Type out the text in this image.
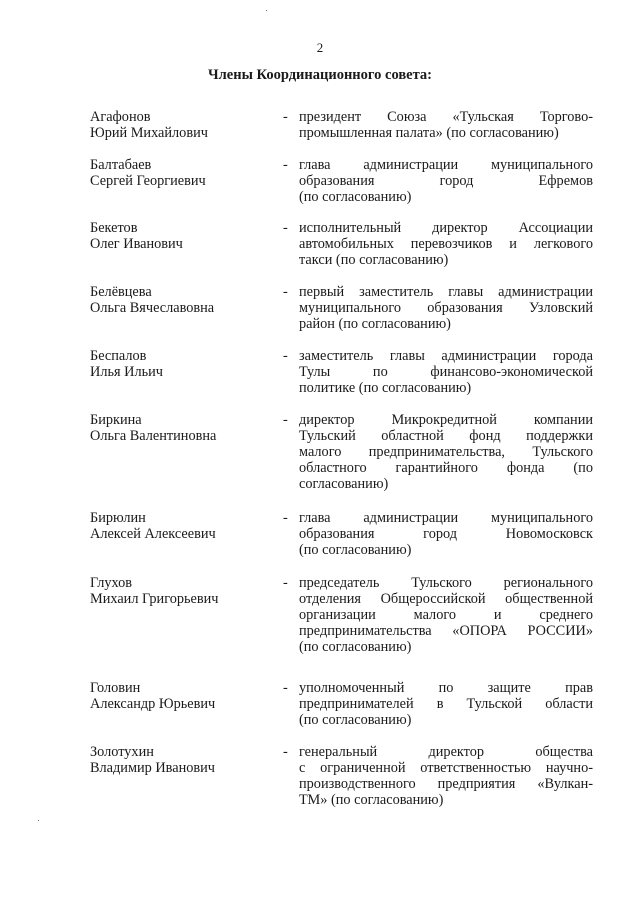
2
Члены Координационного совета:
Агафонов
Юрий Михайлович
- президент Союза «Тульская Торгово-
промышленная палата» (по согласованию)
Балтабаев
Сергей Георгиевич
- глава администрации муниципального
образования город Ефремов
(по согласованию)
Бекетов
Олег Иванович
- исполнительный директор Ассоциации
автомобильных перевозчиков и легкового
такси (по согласованию)
Белёвцева
Ольга Вячеславовна
- первый заместитель главы администрации
муниципального образования Узловский
район (по согласованию)
Беспалов
Илья Ильич
- заместитель главы администрации города
Тулы по финансово-экономической
политике (по согласованию)
Биркина
Ольга Валентиновна
- директор Микрокредитной компании
Тульский областной фонд поддержки
малого предпринимательства, Тульского
областного гарантийного фонда (по
согласованию)
Бирюлин
Алексей Алексеевич
- глава администрации муниципального
образования город Новомосковск
(по согласованию)
Глухов
Михаил Григорьевич
- председатель Тульского регионального
отделения Общероссийской общественной
организации малого и среднего
предпринимательства «ОПОРА РОССИИ»
(по согласованию)
Головин
Александр Юрьевич
- уполномоченный по защите прав
предпринимателей в Тульской области
(по согласованию)
Золотухин
Владимир Иванович
- генеральный директор общества
с ограниченной ответственностью научно-
производственного предприятия «Вулкан-
ТМ» (по согласованию)
